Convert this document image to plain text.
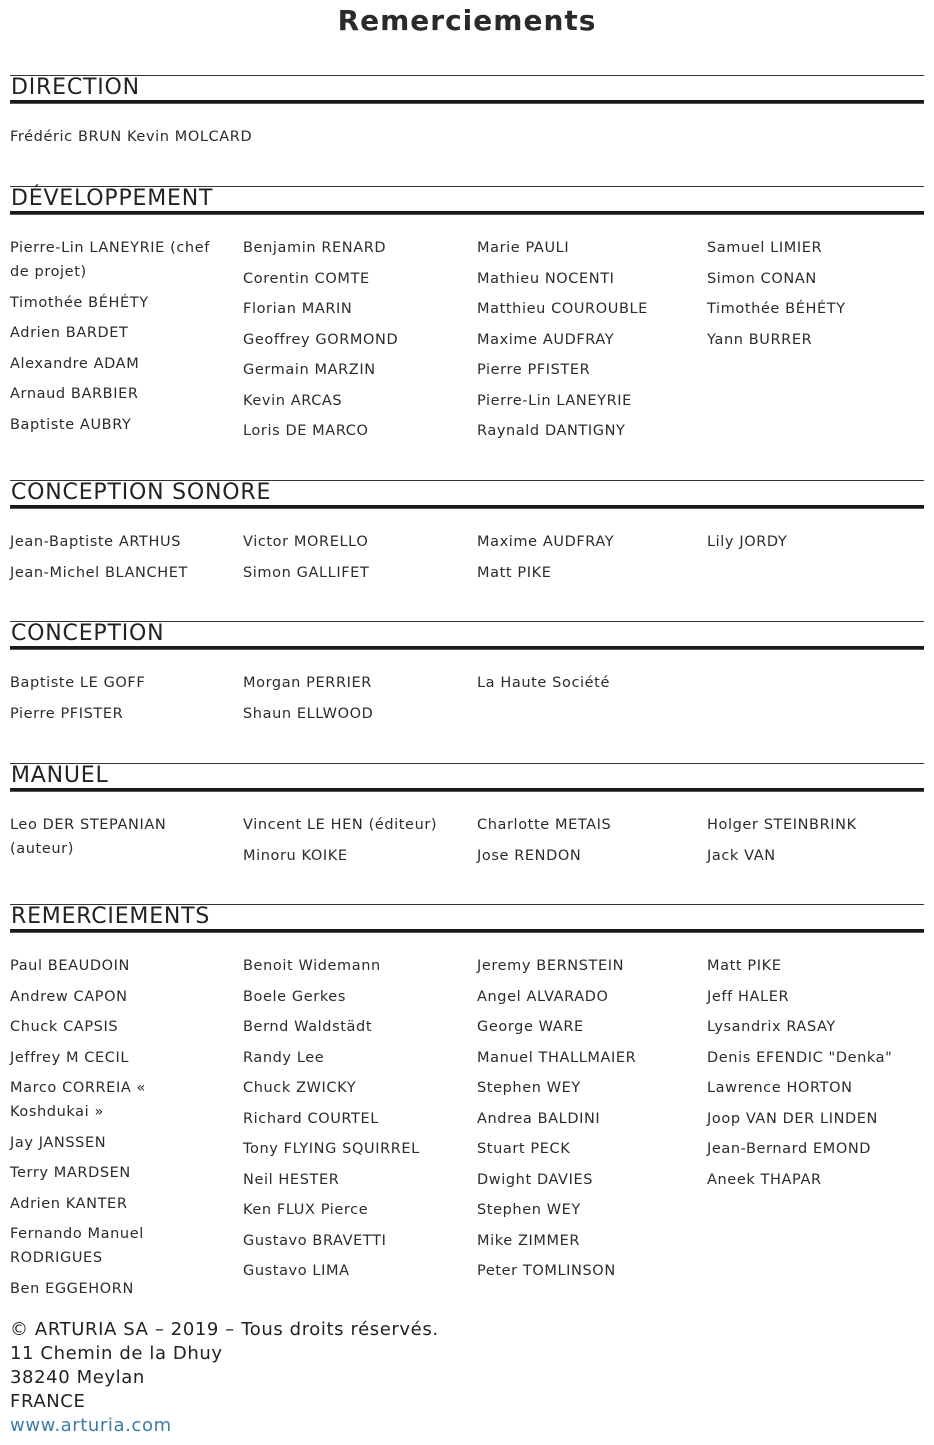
Remerciements
DIRECTION
Frédéric BRUN Kevin MOLCARD
DÉVELOPPEMENT
Pierre-Lin LANEYRIE (chef de projet)
Timothée BÉHÉTY
Adrien BARDET
Alexandre ADAM
Arnaud BARBIER
Baptiste AUBRY
Benjamin RENARD
Corentin COMTE
Florian MARIN
Geoffrey GORMOND
Germain MARZIN
Kevin ARCAS
Loris DE MARCO
Marie PAULI
Mathieu NOCENTI
Matthieu COUROUBLE
Maxime AUDFRAY
Pierre PFISTER
Pierre-Lin LANEYRIE
Raynald DANTIGNY
Samuel LIMIER
Simon CONAN
Timothée BÉHÉTY
Yann BURRER
CONCEPTION SONORE
Jean-Baptiste ARTHUS
Jean-Michel BLANCHET
Victor MORELLO
Simon GALLIFET
Maxime AUDFRAY
Matt PIKE
Lily JORDY
CONCEPTION
Baptiste LE GOFF
Pierre PFISTER
Morgan PERRIER
Shaun ELLWOOD
La Haute Société
MANUEL
Leo DER STEPANIAN (auteur)
Vincent LE HEN (éditeur)
Minoru KOIKE
Charlotte METAIS
Jose RENDON
Holger STEINBRINK
Jack VAN
REMERCIEMENTS
Paul BEAUDOIN
Andrew CAPON
Chuck CAPSIS
Jeffrey M CECIL
Marco CORREIA « Koshdukai »
Jay JANSSEN
Terry MARDSEN
Adrien KANTER
Fernando Manuel RODRIGUES
Ben EGGEHORN
Benoit Widemann
Boele Gerkes
Bernd Waldstädt
Randy Lee
Chuck ZWICKY
Richard COURTEL
Tony FLYING SQUIRREL
Neil HESTER
Ken FLUX Pierce
Gustavo BRAVETTI
Gustavo LIMA
Jeremy BERNSTEIN
Angel ALVARADO
George WARE
Manuel THALLMAIER
Stephen WEY
Andrea BALDINI
Stuart PECK
Dwight DAVIES
Stephen WEY
Mike ZIMMER
Peter TOMLINSON
Matt PIKE
Jeff HALER
Lysandrix RASAY
Denis EFENDIC "Denka"
Lawrence HORTON
Joop VAN DER LINDEN
Jean-Bernard EMOND
Aneek THAPAR
© ARTURIA SA – 2019 – Tous droits réservés.
11 Chemin de la Dhuy
38240 Meylan
FRANCE
www.arturia.com
